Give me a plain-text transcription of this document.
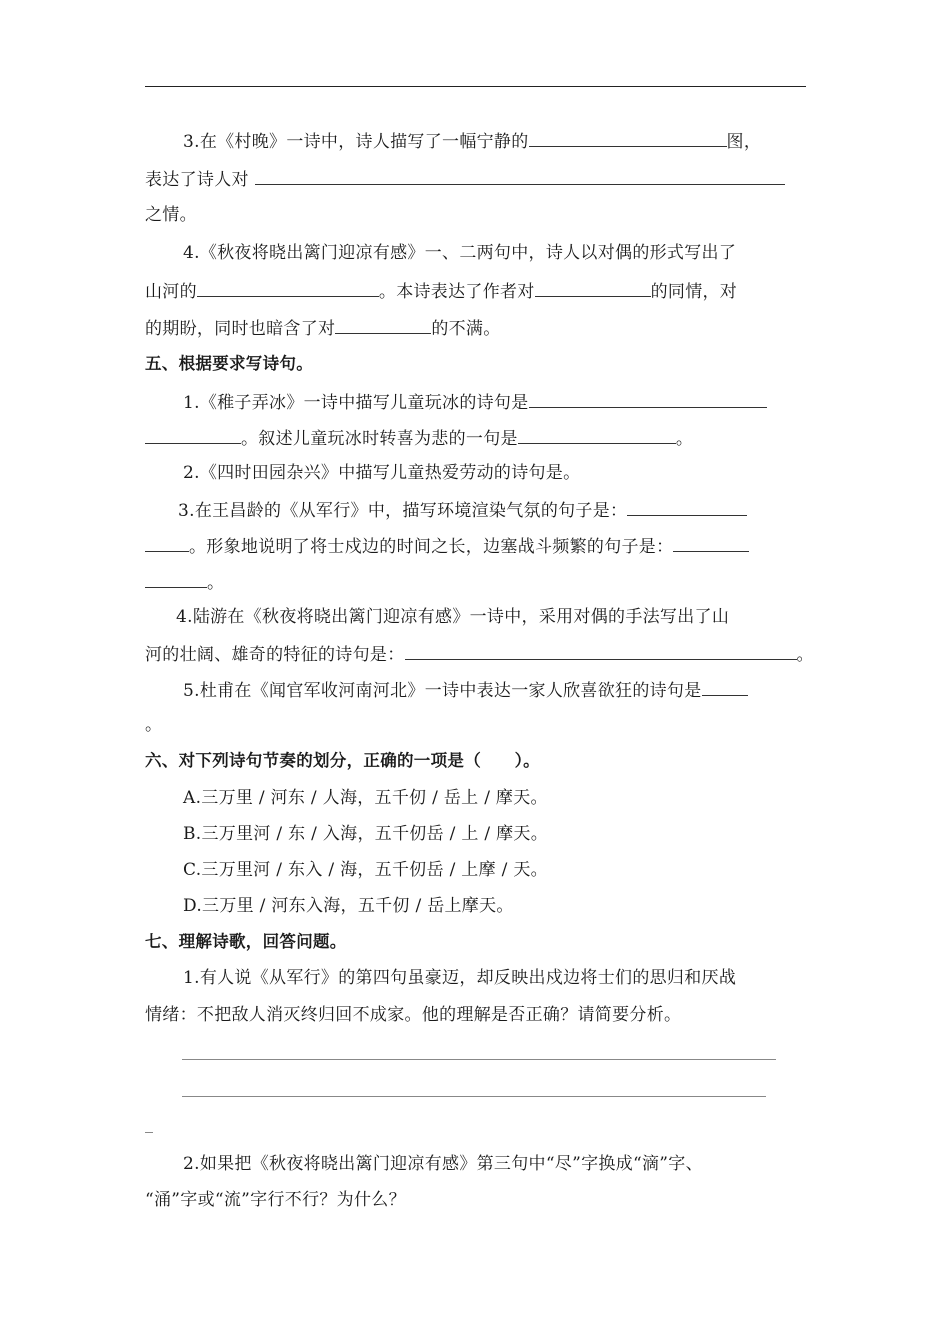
3.在《村晚》一诗中，诗人描写了一幅宁静的	图，
表达了诗人对
之情。
4.《秋夜将晓出篱门迎凉有感》一、二两句中，诗人以对偶的形式写出了
山河的	。本诗表达了作者对	的同情，对
的期盼，同时也暗含了对	的不满。
五、根据要求写诗句。
1.《稚子弄冰》一诗中描写儿童玩冰的诗句是
。叙述儿童玩冰时转喜为悲的一句是	。
2.《四时田园杂兴》中描写儿童热爱劳动的诗句是。
3.在王昌龄的《从军行》中，描写环境渲染气氛的句子是：
。形象地说明了将士戍边的时间之长，边塞战斗频繁的句子是：
。
4.陆游在《秋夜将晓出篱门迎凉有感》一诗中，采用对偶的手法写出了山
河的壮阔、雄奇的特征的诗句是：	。
5.杜甫在《闻官军收河南河北》一诗中表达一家人欣喜欲狂的诗句是
。
六、对下列诗句节奏的划分，正确的一项是（　　）。
A.三万里 / 河东 / 人海，五千仞 / 岳上 / 摩天。
B.三万里河 / 东 / 入海，五千仞岳 / 上 / 摩天。
C.三万里河 / 东入 / 海，五千仞岳 / 上摩 / 天。
D.三万里 / 河东入海，五千仞 / 岳上摩天。
七、理解诗歌，回答问题。
1.有人说《从军行》的第四句虽豪迈，却反映出戍边将士们的思归和厌战
情绪：不把敌人消灭终归回不成家。他的理解是否正确？请简要分析。
2.如果把《秋夜将晓出篱门迎凉有感》第三句中“尽”字换成“滴”字、
“涌”字或“流”字行不行？为什么？
